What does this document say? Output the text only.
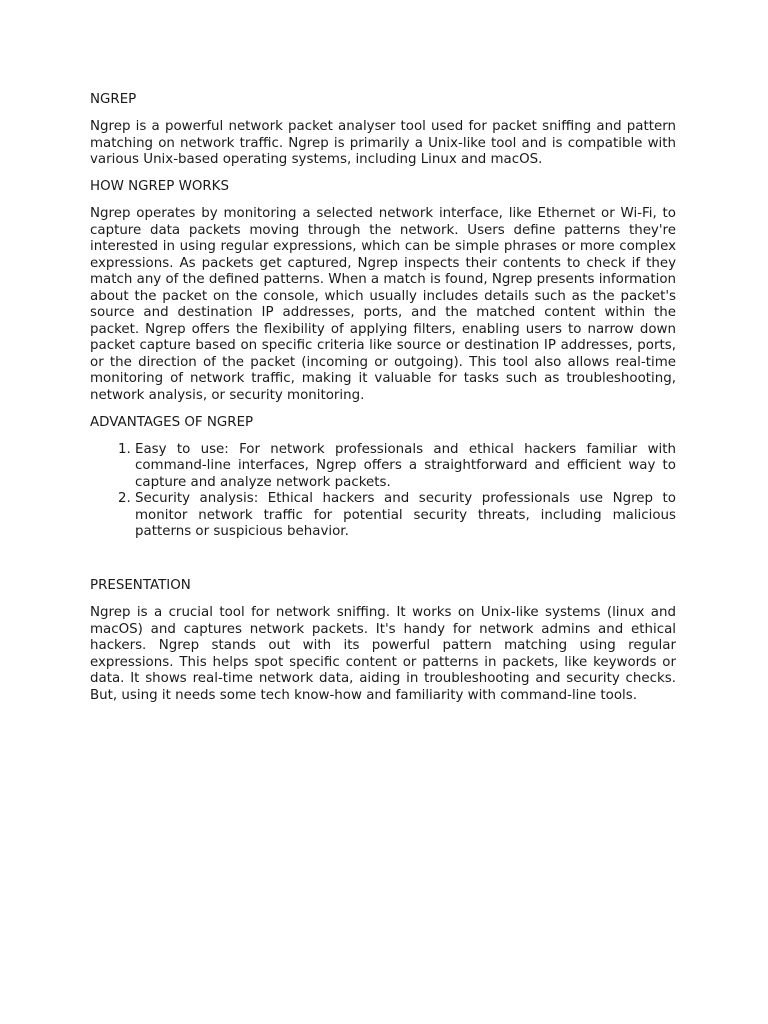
NGREP

Ngrep is a powerful network packet analyser tool used for packet sniffing and pattern matching on network traffic. Ngrep is primarily a Unix-like tool and is compatible with various Unix-based operating systems, including Linux and macOS.

HOW NGREP WORKS

Ngrep operates by monitoring a selected network interface, like Ethernet or Wi-Fi, to capture data packets moving through the network. Users define patterns they're interested in using regular expressions, which can be simple phrases or more complex expressions. As packets get captured, Ngrep inspects their contents to check if they match any of the defined patterns. When a match is found, Ngrep presents information about the packet on the console, which usually includes details such as the packet's source and destination IP addresses, ports, and the matched content within the packet. Ngrep offers the flexibility of applying filters, enabling users to narrow down packet capture based on specific criteria like source or destination IP addresses, ports, or the direction of the packet (incoming or outgoing). This tool also allows real-time monitoring of network traffic, making it valuable for tasks such as troubleshooting, network analysis, or security monitoring.

ADVANTAGES OF NGREP

1. Easy to use: For network professionals and ethical hackers familiar with command-line interfaces, Ngrep offers a straightforward and efficient way to capture and analyze network packets.
2. Security analysis: Ethical hackers and security professionals use Ngrep to monitor network traffic for potential security threats, including malicious patterns or suspicious behavior.

PRESENTATION

Ngrep is a crucial tool for network sniffing. It works on Unix-like systems (linux and macOS) and captures network packets. It's handy for network admins and ethical hackers. Ngrep stands out with its powerful pattern matching using regular expressions. This helps spot specific content or patterns in packets, like keywords or data. It shows real-time network data, aiding in troubleshooting and security checks. But, using it needs some tech know-how and familiarity with command-line tools.
